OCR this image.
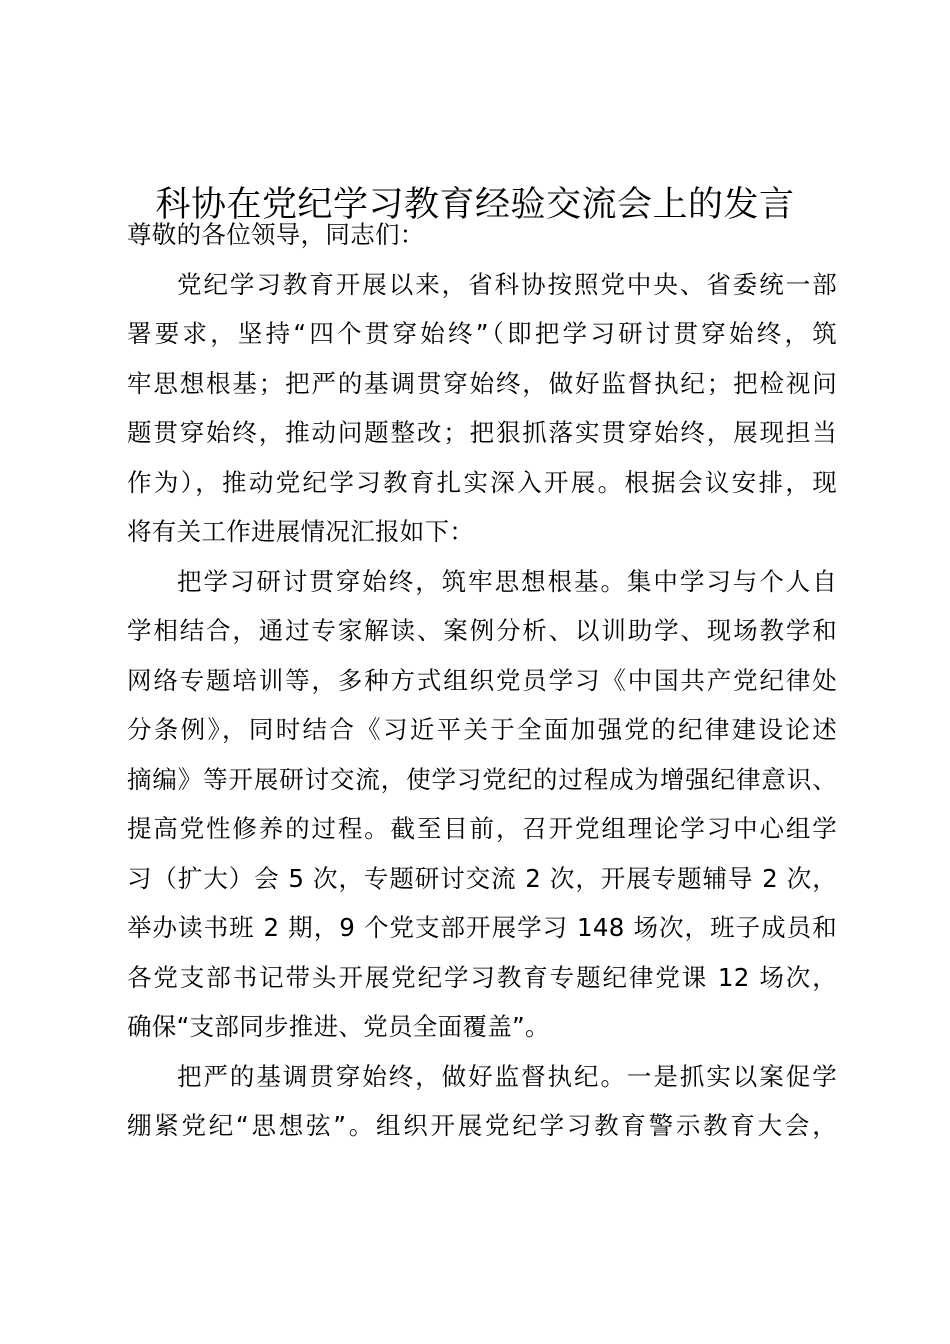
科协在党纪学习教育经验交流会上的发言
尊敬的各位领导，同志们：
党纪学习教育开展以来，省科协按照党中央、省委统一部
署要求，坚持“四个贯穿始终”（即把学习研讨贯穿始终，筑
牢思想根基；把严的基调贯穿始终，做好监督执纪；把检视问
题贯穿始终，推动问题整改；把狠抓落实贯穿始终，展现担当
作为），推动党纪学习教育扎实深入开展。根据会议安排，现
将有关工作进展情况汇报如下：
把学习研讨贯穿始终，筑牢思想根基。集中学习与个人自
学相结合，通过专家解读、案例分析、以训助学、现场教学和
网络专题培训等，多种方式组织党员学习《中国共产党纪律处
分条例》，同时结合《习近平关于全面加强党的纪律建设论述
摘编》等开展研讨交流，使学习党纪的过程成为增强纪律意识、
提高党性修养的过程。截至目前，召开党组理论学习中心组学
习（扩大）会 5 次，专题研讨交流 2 次，开展专题辅导 2 次，
举办读书班 2 期，9 个党支部开展学习 148 场次，班子成员和
各党支部书记带头开展党纪学习教育专题纪律党课 12 场次，
确保“支部同步推进、党员全面覆盖”。
把严的基调贯穿始终，做好监督执纪。一是抓实以案促学
绷紧党纪“思想弦”。组织开展党纪学习教育警示教育大会，
